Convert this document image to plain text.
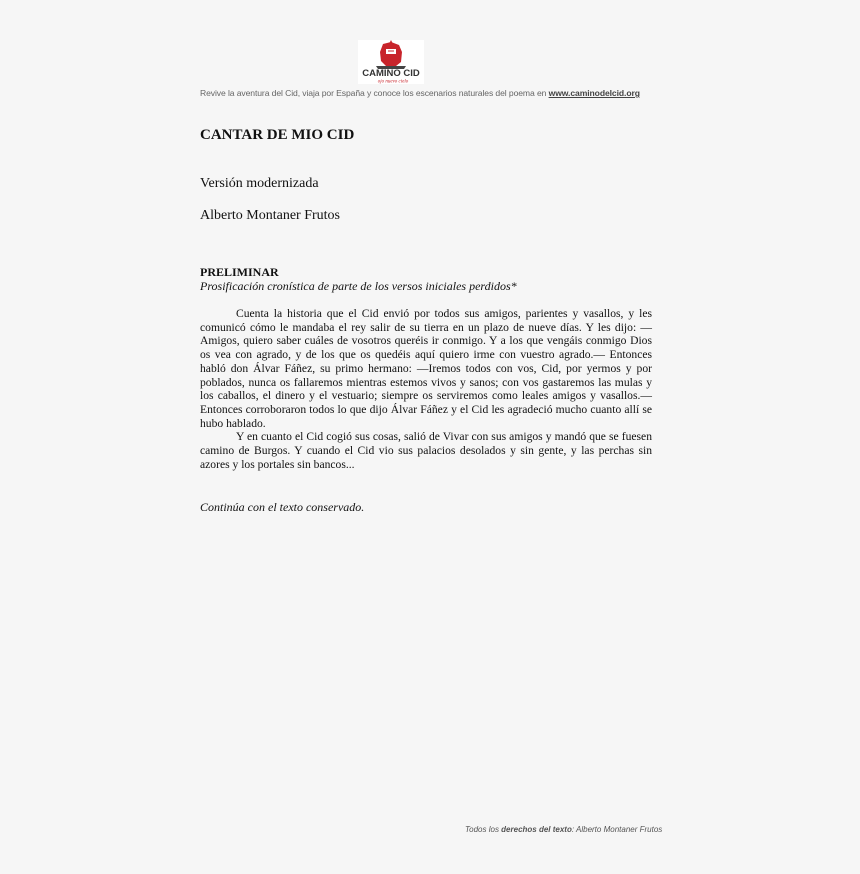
CAMINO CID
ojo nuevo cielo
Revive la aventura del Cid, viaja por España y conoce los escenarios naturales del poema en www.caminodelcid.org
CANTAR DE MIO CID
Versión modernizada
Alberto Montaner Frutos
PRELIMINAR
Prosificación cronística de parte de los versos iniciales perdidos*

Cuenta la historia que el Cid envió por todos sus amigos, parientes y vasallos, y les comunicó cómo le mandaba el rey salir de su tierra en un plazo de nueve días. Y les dijo: — Amigos, quiero saber cuáles de vosotros queréis ir conmigo. Y a los que vengáis conmigo Dios os vea con agrado, y de los que os quedéis aquí quiero irme con vuestro agrado.— Entonces habló don Álvar Fáñez, su primo hermano: —Iremos todos con vos, Cid, por yermos y por poblados, nunca os fallaremos mientras estemos vivos y sanos; con vos gastaremos las mulas y los caballos, el dinero y el vestuario; siempre os serviremos como leales amigos y vasallos.— Entonces corroboraron todos lo que dijo Álvar Fáñez y el Cid les agradeció mucho cuanto allí se hubo hablado.

Y en cuanto el Cid cogió sus cosas, salió de Vivar con sus amigos y mandó que se fuesen camino de Burgos. Y cuando el Cid vio sus palacios desolados y sin gente, y las perchas sin azores y los portales sin bancos...

Continúa con el texto conservado.
Todos los derechos del texto: Alberto Montaner Frutos
